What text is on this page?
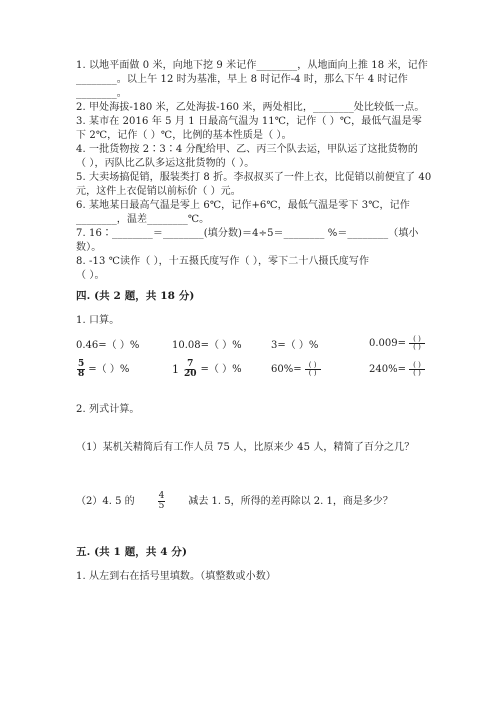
1. 以地平面做 0 米，向地下挖 9 米记作________，从地面向上推 18 米，记作
________。以上午 12 时为基准，早上 8 时记作-4 时，那么下午 4 时记作
________。
2. 甲处海拔-180 米，乙处海拔-160 米，两处相比，________处比较低一点。
3. 某市在 2016 年 5 月 1 日最高气温为 11℃，记作（ ）℃，最低气温是零
下 2℃，记作（ ）℃，比例的基本性质是（ ）。
4. 一批货物按 2∶3∶4 分配给甲、乙、丙三个队去运，甲队运了这批货物的
（ ），丙队比乙队多运这批货物的（ ）。
5. 大卖场搞促销，服装类打 8 折。李叔叔买了一件上衣，比促销以前便宜了 40
元，这件上衣促销以前标价（ ）元。
6. 某地某日最高气温是零上 6℃，记作+6℃，最低气温是零下 3℃，记作
________，温差________℃。
7. 16∶________＝________(填分数)＝4÷5＝________ %＝________（填小
数）。
8. -13 ℃读作（ ），十五摄氏度写作（ ），零下二十八摄氏度写作
（ ）。
四. (共 2 题，共 18 分)
1. 口算。
0.46=（ ）%	10.08=（ ）%	3=（ ）%	$0.009= \frac{( )}{( )}$
$\frac{5}{8}$ =（ ）%	$1 \frac{7}{20}$ =（ ）%	$60\%= \frac{( )}{( )}$	$240\%= \frac{( )}{( )}$
2. 列式计算。
（1）某机关精简后有工作人员 75 人，比原来少 45 人，精简了百分之几？
（2）4. 5 的	$\frac{4}{5}$ 减去 1. 5，所得的差再除以 2. 1，商是多少？
五. (共 1 题，共 4 分)
1. 从左到右在括号里填数。（填整数或小数）
